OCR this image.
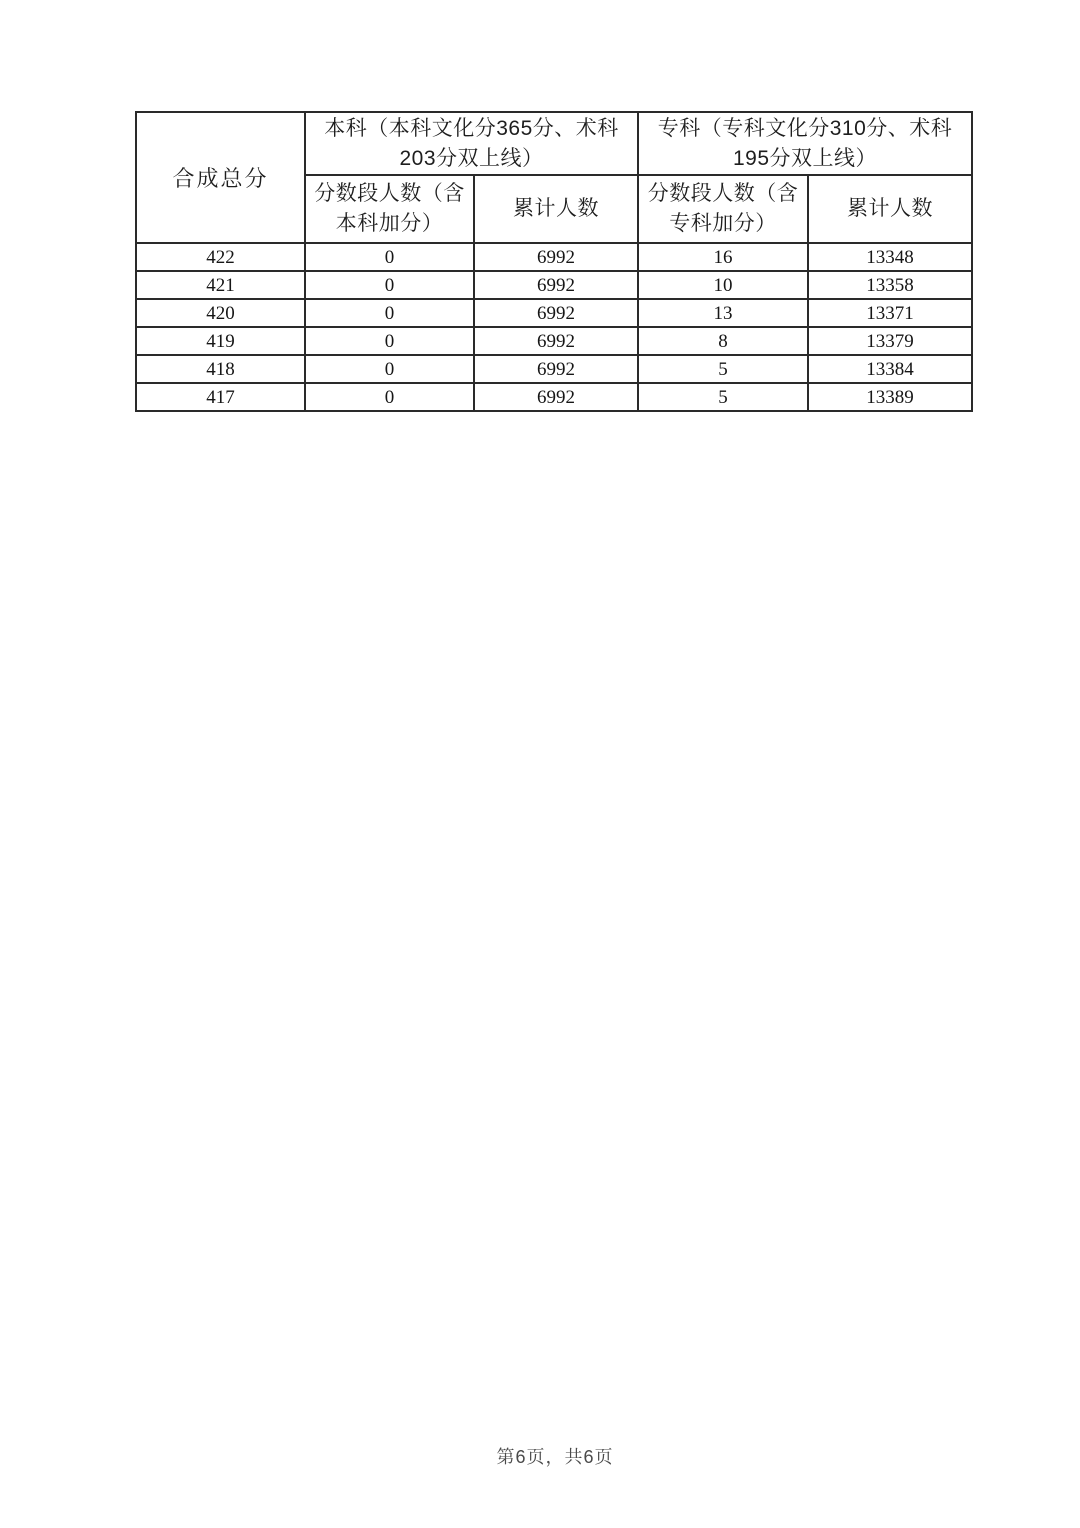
合成总分	本科（本科文化分365分、术科203分双上线）		专科（专科文化分310分、术科195分双上线）	
	分数段人数（含本科加分）	累计人数	分数段人数（含专科加分）	累计人数
422	0	6992	16	13348
421	0	6992	10	13358
420	0	6992	13	13371
419	0	6992	8	13379
418	0	6992	5	13384
417	0	6992	5	13389
第6页，共6页
